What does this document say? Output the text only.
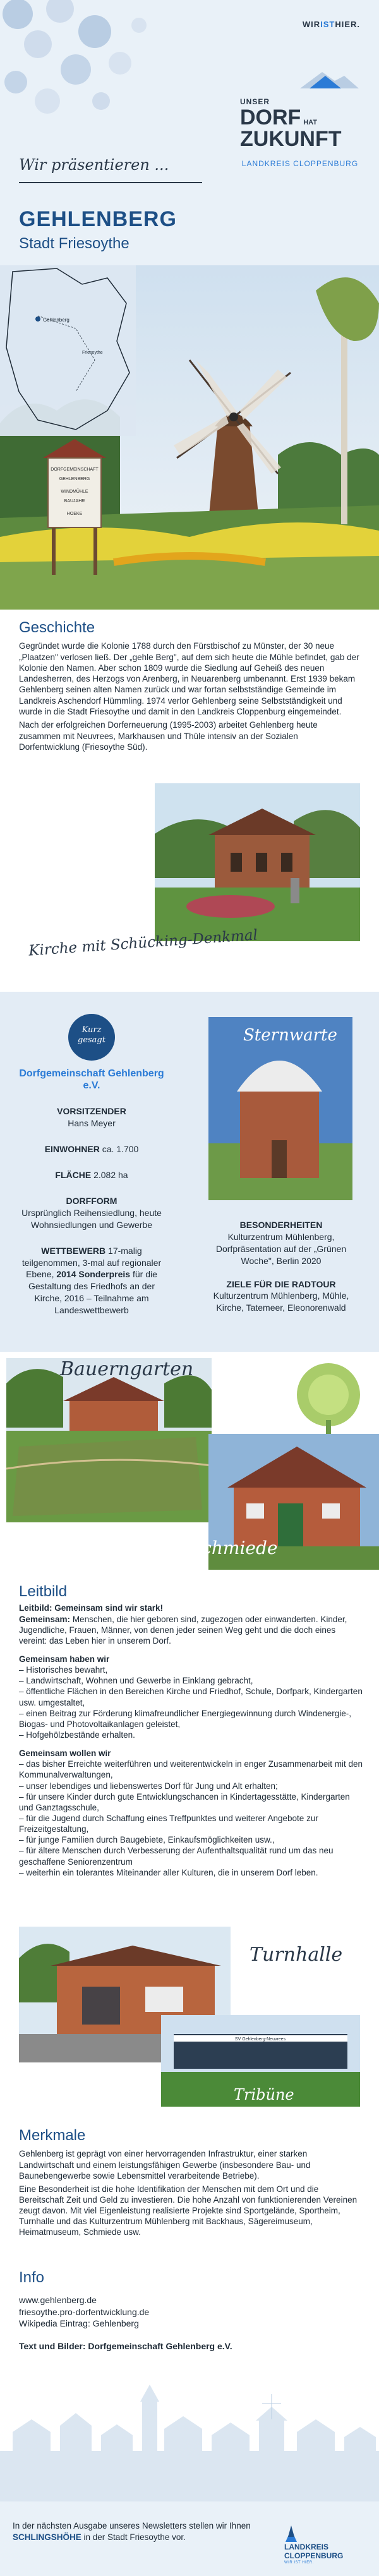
WIRISTHIER.
UNSER
DORF HAT
ZUKUNFT
LANDKREIS CLOPPENBURG
Wir präsentieren ...
GEHLENBERG
Stadt Friesoythe
Gehlenberg
Friesoythe
DORFGEMEINSCHAFT
GEHLENBERG
WINDMÜHLE
BAUJAHR
HOEKE
Geschichte

Gegründet wurde die Kolonie 1788 durch den Fürstbischof zu Münster, der 30 neue „Plaatzen" verlosen ließ. Der „gehle Berg", auf dem sich heute die Mühle befindet, gab der Kolonie den Namen. Aber schon 1809 wurde die Siedlung auf Geheiß des neuen Landesherren, des Herzogs von Arenberg, in Neuarenberg umbenannt. Erst 1939 bekam Gehlenberg seinen alten Namen zurück und war fortan selbstständige Gemeinde im Landkreis Aschendorf Hümmling. 1974 verlor Gehlenberg seine Selbstständigkeit und wurde in die Stadt Friesoythe und damit in den Landkreis Cloppenburg eingemeindet.

Nach der erfolgreichen Dorferneuerung (1995-2003) arbeitet Gehlenberg heute zusammen mit Neuvrees, Markhausen und Thüle intensiv an der Sozialen Dorfentwicklung (Friesoythe Süd).

Kirche mit Schücking-Denkmal
Kurz gesagt
Dorfgemeinschaft Gehlenberg e.V.
VORSITZENDER
Hans Meyer
EINWOHNER ca. 1.700
FLÄCHE 2.082 ha
DORFFORM
Ursprünglich Reihensiedlung, heute Wohnsiedlungen und Gewerbe
WETTBEWERB 17-malig teilgenommen, 3-mal auf regionaler Ebene, 2014 Sonderpreis für die Gestaltung des Friedhofs an der Kirche, 2016 – Teilnahme am Landeswettbewerb
Sternwarte
BESONDERHEITEN
Kulturzentrum Mühlenberg, Dorfpräsentation auf der „Grünen Woche", Berlin 2020
ZIELE FÜR DIE RADTOUR
Kulturzentrum Mühlenberg, Mühle, Kirche, Tatemeer, Eleonorenwald
Bauerngarten
Schmiede
Leitbild
Leitbild: Gemeinsam sind wir stark!
Gemeinsam: Menschen, die hier geboren sind, zugezogen oder einwanderten. Kinder, Jugendliche, Frauen, Männer, von denen jeder seinen Weg geht und die doch eines vereint: das Leben hier in unserem Dorf.
Gemeinsam haben wir
– Historisches bewahrt,
– Landwirtschaft, Wohnen und Gewerbe in Einklang gebracht,
– öffentliche Flächen in den Bereichen Kirche und Friedhof, Schule, Dorfpark, Kindergarten usw. umgestaltet,
– einen Beitrag zur Förderung klimafreundlicher Energiegewinnung durch Windenergie-, Biogas- und Photovoltaikanlagen geleistet,
– Hofgehölzbestände erhalten.
Gemeinsam wollen wir
– das bisher Erreichte weiterführen und weiterentwickeln in enger Zusammenarbeit mit den Kommunalverwaltungen,
– unser lebendiges und liebenswertes Dorf für Jung und Alt erhalten;
– für unsere Kinder durch gute Entwicklungschancen in Kindertagesstätte, Kindergarten und Ganztagsschule,
– für die Jugend durch Schaffung eines Treffpunktes und weiterer Angebote zur Freizeitgestaltung,
– für junge Familien durch Baugebiete, Einkaufsmöglichkeiten usw.,
– für ältere Menschen durch Verbesserung der Aufenthaltsqualität rund um das neu geschaffene Seniorenzentrum
– weiterhin ein tolerantes Miteinander aller Kulturen, die in unserem Dorf leben.
Turnhalle
SV Gehlenberg-Neuvrees
Tribüne
Merkmale

Gehlenberg ist geprägt von einer hervorragenden Infrastruktur, einer starken Landwirtschaft und einem leistungsfähigen Gewerbe (insbesondere Bau- und Baunebengewerbe sowie Lebensmittel verarbeitende Betriebe).

Eine Besonderheit ist die hohe Identifikation der Menschen mit dem Ort und die Bereitschaft Zeit und Geld zu investieren. Die hohe Anzahl von funktionierenden Vereinen zeugt davon. Mit viel Eigenleistung realisierte Projekte sind Sportgelände, Sportheim, Turnhalle und das Kulturzentrum Mühlenberg mit Backhaus, Sägereimuseum, Heimatmuseum, Schmiede usw.

Info
www.gehlenberg.de
friesoythe.pro-dorfentwicklung.de
Wikipedia Eintrag: Gehlenberg
Text und Bilder: Dorfgemeinschaft Gehlenberg e.V.
In der nächsten Ausgabe unseres Newsletters stellen wir Ihnen SCHLINGSHÖHE in der Stadt Friesoythe vor.
LANDKREIS
CLOPPENBURG
WIR IST HIER.
